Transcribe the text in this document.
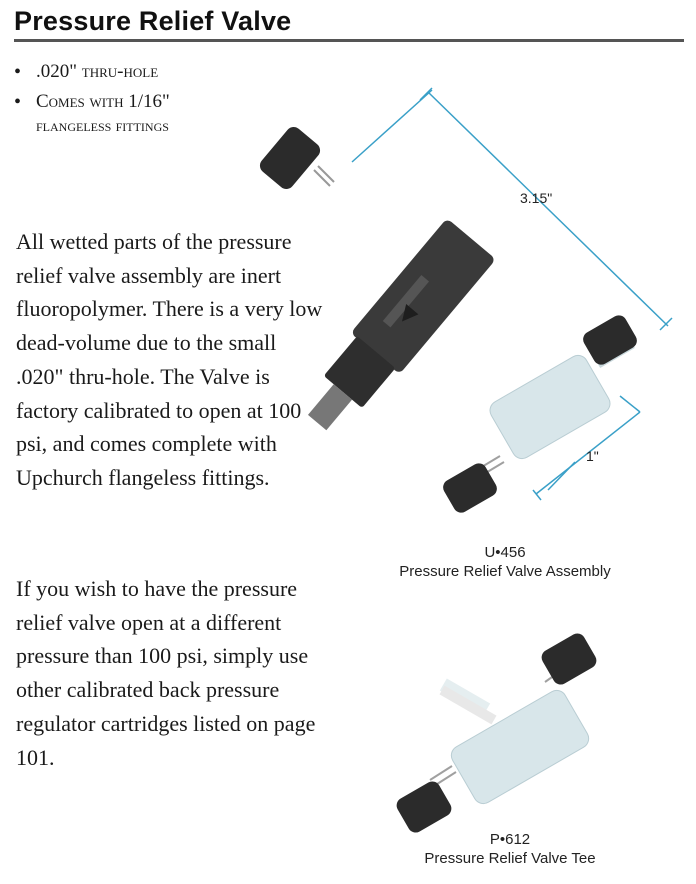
Pressure Relief Valve
• .020" thru-hole
• Comes with 1/16"
flangeless fittings

All wetted parts of the pressure relief valve assembly are inert fluoropolymer. There is a very low dead-volume due to the small .020" thru-hole. The Valve is factory calibrated to open at 100 psi, and comes complete with Upchurch flangeless fittings.

If you wish to have the pressure relief valve open at a different pressure than 100 psi, simply use other calibrated back pressure regulator cartridges listed on page 101.

3.15"
1"
U•456
Pressure Relief Valve Assembly
P•612
Pressure Relief Valve Tee
